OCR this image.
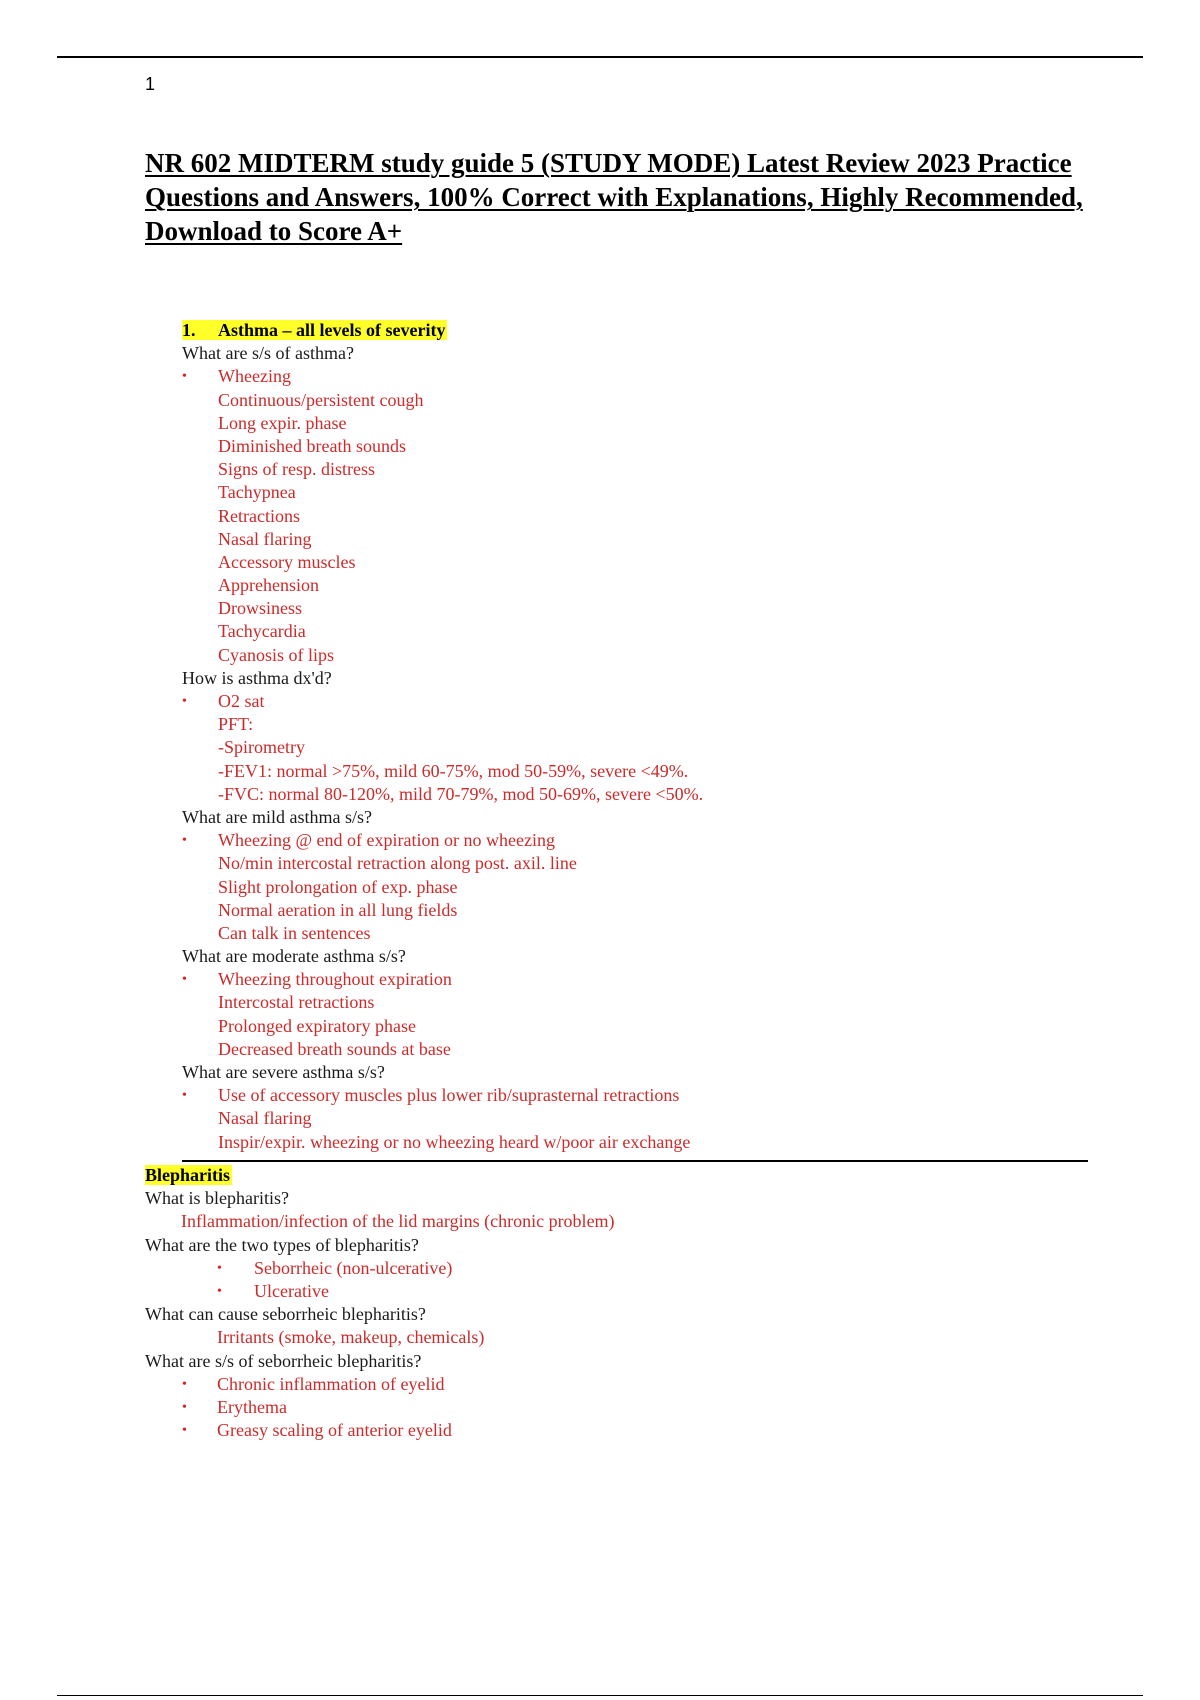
1
NR 602 MIDTERM study guide 5 (STUDY MODE) Latest Review 2023 Practice Questions and Answers, 100% Correct with Explanations, Highly Recommended, Download to Score A+
1. Asthma – all levels of severity
What are s/s of asthma?
• Wheezing
Continuous/persistent cough
Long expir. phase
Diminished breath sounds
Signs of resp. distress
Tachypnea
Retractions
Nasal flaring
Accessory muscles
Apprehension
Drowsiness
Tachycardia
Cyanosis of lips
How is asthma dx'd?
• O2 sat
PFT:
-Spirometry
-FEV1: normal >75%, mild 60-75%, mod 50-59%, severe <49%.
-FVC: normal 80-120%, mild 70-79%, mod 50-69%, severe <50%.
What are mild asthma s/s?
• Wheezing @ end of expiration or no wheezing
No/min intercostal retraction along post. axil. line
Slight prolongation of exp. phase
Normal aeration in all lung fields
Can talk in sentences
What are moderate asthma s/s?
• Wheezing throughout expiration
Intercostal retractions
Prolonged expiratory phase
Decreased breath sounds at base
What are severe asthma s/s?
• Use of accessory muscles plus lower rib/suprasternal retractions
Nasal flaring
Inspir/expir. wheezing or no wheezing heard w/poor air exchange
Blepharitis
What is blepharitis?
Inflammation/infection of the lid margins (chronic problem)
What are the two types of blepharitis?
• Seborrheic (non-ulcerative)
• Ulcerative
What can cause seborrheic blepharitis?
Irritants (smoke, makeup, chemicals)
What are s/s of seborrheic blepharitis?
• Chronic inflammation of eyelid
• Erythema
• Greasy scaling of anterior eyelid
